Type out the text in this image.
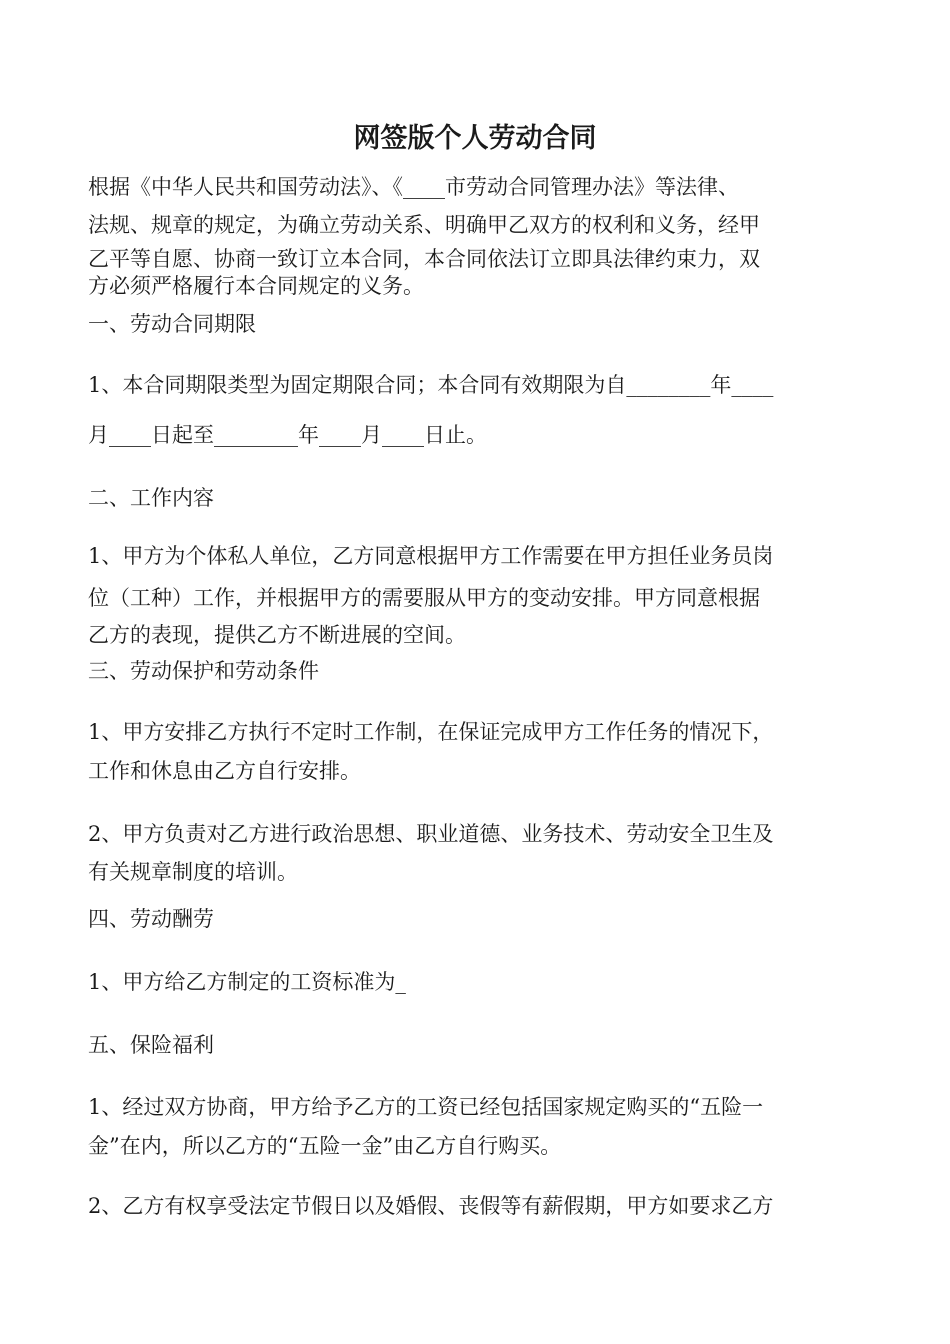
网签版个人劳动合同

根据《中华人民共和国劳动法》、《____市劳动合同管理办法》等法律、
法规、规章的规定，为确立劳动关系、明确甲乙双方的权利和义务，经甲
乙平等自愿、协商一致订立本合同，本合同依法订立即具法律约束力，双
方必须严格履行本合同规定的义务。

一、劳动合同期限

1、本合同期限类型为固定期限合同；本合同有效期限为自________年____
月____日起至________年____月____日止。

二、工作内容

1、甲方为个体私人单位，乙方同意根据甲方工作需要在甲方担任业务员岗
位（工种）工作，并根据甲方的需要服从甲方的变动安排。甲方同意根据
乙方的表现，提供乙方不断进展的空间。

三、劳动保护和劳动条件

1、甲方安排乙方执行不定时工作制，在保证完成甲方工作任务的情况下，
工作和休息由乙方自行安排。

2、甲方负责对乙方进行政治思想、职业道德、业务技术、劳动安全卫生及
有关规章制度的培训。

四、劳动酬劳

1、甲方给乙方制定的工资标准为_

五、保险福利

1、经过双方协商，甲方给予乙方的工资已经包括国家规定购买的“五险一
金”在内，所以乙方的“五险一金”由乙方自行购买。

2、乙方有权享受法定节假日以及婚假、丧假等有薪假期，甲方如要求乙方
